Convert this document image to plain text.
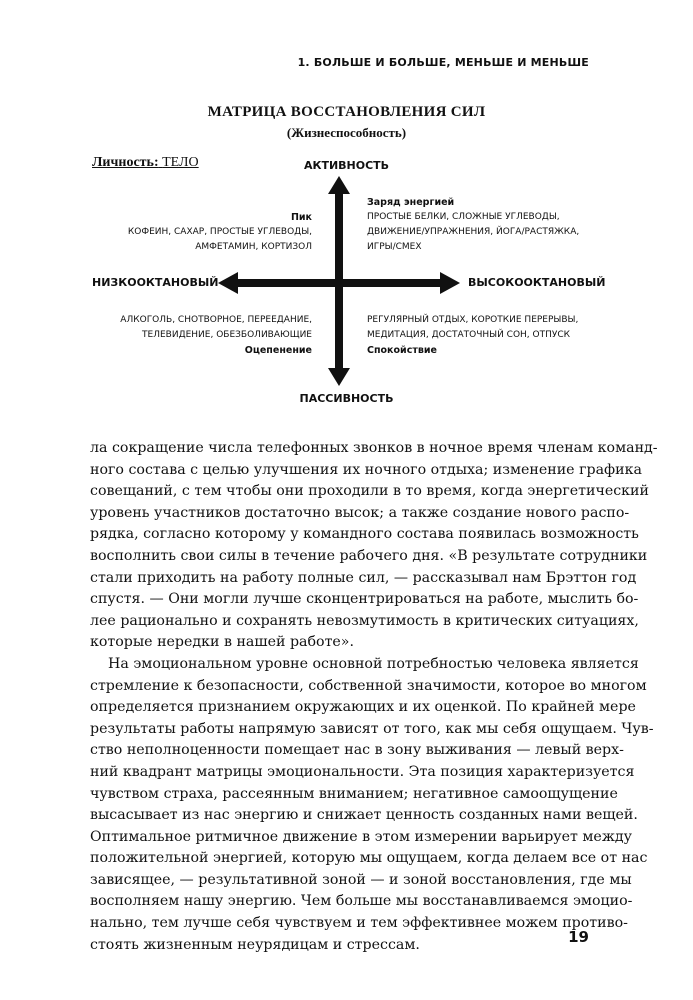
1. БОЛЬШЕ И БОЛЬШЕ, МЕНЬШЕ И МЕНЬШЕ
МАТРИЦА ВОССТАНОВЛЕНИЯ СИЛ
(Жизнеспособность)
Личность: ТЕЛО	АКТИВНОСТЬ
ПАССИВНОСТЬ
НИЗКООКТАНОВЫЙ	ВЫСОКООКТАНОВЫЙ
Пик
КОФЕИН, САХАР, ПРОСТЫЕ УГЛЕВОДЫ,
АМФЕТАМИН, КОРТИЗОЛ
Заряд энергией
ПРОСТЫЕ БЕЛКИ, СЛОЖНЫЕ УГЛЕВОДЫ,
ДВИЖЕНИЕ/УПРАЖНЕНИЯ, ЙОГА/РАСТЯЖКА,
ИГРЫ/СМЕХ
АЛКОГОЛЬ, СНОТВОРНОЕ, ПЕРЕЕДАНИЕ,
ТЕЛЕВИДЕНИЕ, ОБЕЗБОЛИВАЮЩИЕ
Оцепенение
РЕГУЛЯРНЫЙ ОТДЫХ, КОРОТКИЕ ПЕРЕРЫВЫ,
МЕДИТАЦИЯ, ДОСТАТОЧНЫЙ СОН, ОТПУСК
Спокойствие

ла сокращение числа телефонных звонков в ночное время членам команд-
ного состава с целью улучшения их ночного отдыха; изменение графика
совещаний, с тем чтобы они проходили в то время, когда энергетический
уровень участников достаточно высок; а также создание нового распо-
рядка, согласно которому у командного состава появилась возможность
восполнить свои силы в течение рабочего дня. «В результате сотрудники
стали приходить на работу полные сил, — рассказывал нам Брэттон год
спустя. — Они могли лучше сконцентрироваться на работе, мыслить бо-
лее рационально и сохранять невозмутимость в критических ситуациях,
которые нередки в нашей работе».

На эмоциональном уровне основной потребностью человека является
стремление к безопасности, собственной значимости, которое во многом
определяется признанием окружающих и их оценкой. По крайней мере
результаты работы напрямую зависят от того, как мы себя ощущаем. Чув-
ство неполноценности помещает нас в зону выживания — левый верх-
ний квадрант матрицы эмоциональности. Эта позиция характеризуется
чувством страха, рассеянным вниманием; негативное самоощущение
высасывает из нас энергию и снижает ценность созданных нами вещей.
Оптимальное ритмичное движение в этом измерении варьирует между
положительной энергией, которую мы ощущаем, когда делаем все от нас
зависящее, — результативной зоной — и зоной восстановления, где мы
восполняем нашу энергию. Чем больше мы восстанавливаемся эмоцио-
нально, тем лучше себя чувствуем и тем эффективнее можем противо-
стоять жизненным неурядицам и стрессам.	19
